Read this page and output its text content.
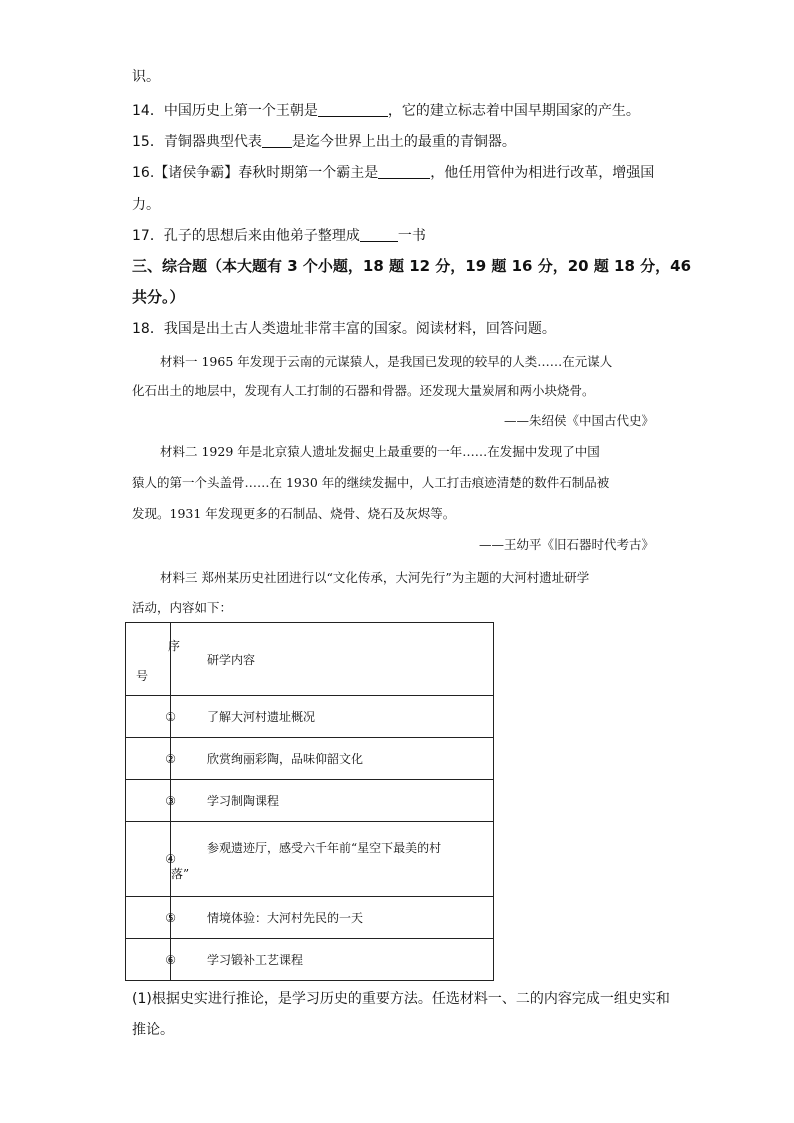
识。
14．中国历史上第一个王朝是	，它的建立标志着中国早期国家的产生。
15．青铜器典型代表 是迄今世界上出土的最重的青铜器。
16.【诸侯争霸】春秋时期第一个霸主是	，他任用管仲为相进行改革，增强国
力。
17．孔子的思想后来由他弟子整理成	一书
三、综合题（本大题有 3 个小题，18 题 12 分，19 题 16 分，20 题 18 分，46
共分。）
18．我国是出土古人类遗址非常丰富的国家。阅读材料，回答问题。
材料一 1965 年发现于云南的元谋猿人，是我国已发现的较早的人类……在元谋人
化石出土的地层中，发现有人工打制的石器和骨器。还发现大量炭屑和两小块烧骨。
——朱绍侯《中国古代史》
材料二 1929 年是北京猿人遗址发掘史上最重要的一年……在发掘中发现了中国
猿人的第一个头盖骨……在 1930 年的继续发掘中，人工打击痕迹清楚的数件石制品被
发现。1931 年发现更多的石制品、烧骨、烧石及灰烬等。
——王幼平《旧石器时代考古》
材料三 郑州某历史社团进行以“文化传承，大河先行”为主题的大河村遗址研学
活动，内容如下：
序
号	研学内容
①	了解大河村遗址概况
②	欣赏绚丽彩陶，品味仰韶文化
③	学习制陶课程
④	参观遗迹厅，感受六千年前“星空下最美的村
落”

⑤	情境体验：大河村先民的一天
⑥	学习锻补工艺课程
(1)根据史实进行推论，是学习历史的重要方法。任选材料一、二的内容完成一组史实和
推论。
